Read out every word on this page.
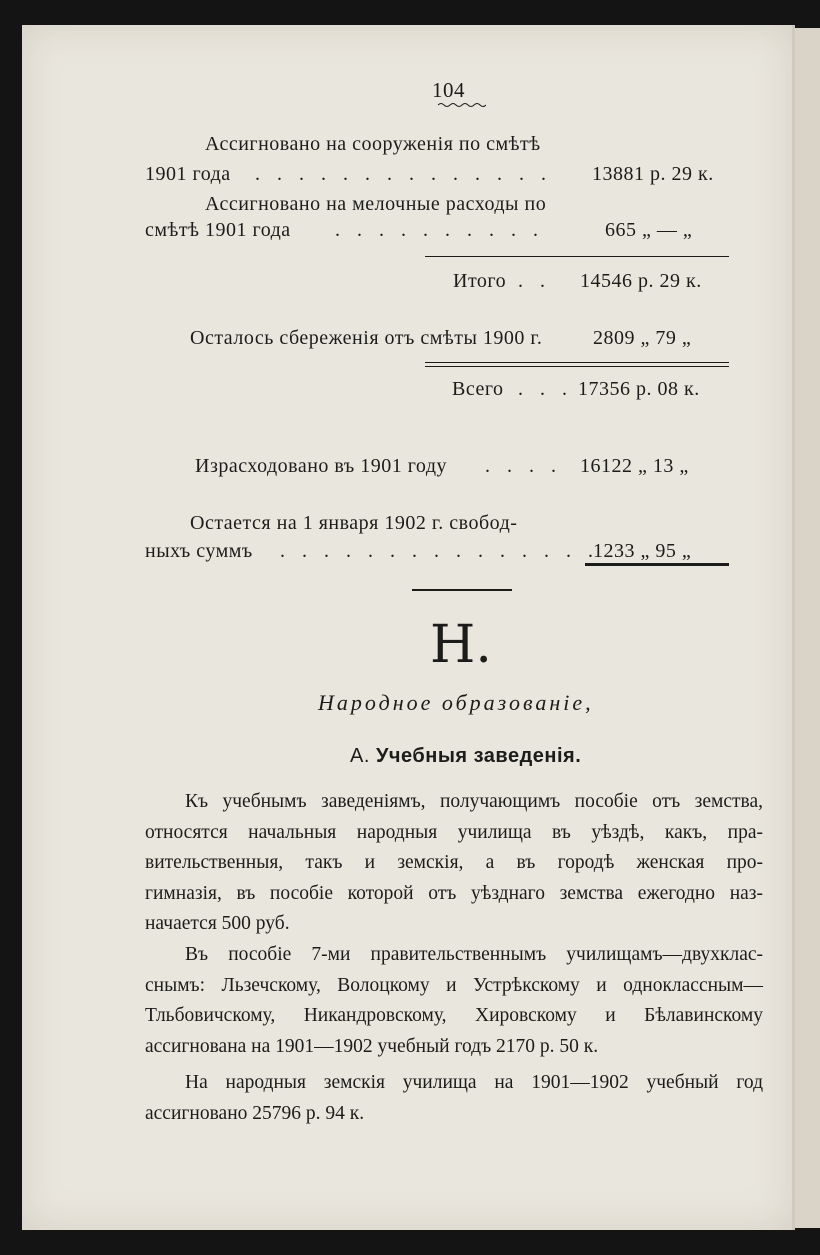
104
Ассигновано на сооруженія по смѣтѣ
1901 года . . . . . . . . . . . . . . 13881 р. 29 к.
Ассигновано на мелочные расходы по
смѣтѣ 1901 года . . . . . . . . . .	665 „ — „
Итого . . 14546 р. 29 к.
Осталось сбереженія отъ смѣты 1900 г.	2809 „ 79 „
Всего . . . 17356 р. 08 к.
Израсходовано въ 1901 году . . . . 16122 „ 13 „
Остается на 1 января 1902 г. свобод-
ныхъ суммъ . . . . . . . . . . . . . . .
1233 „ 95 „
Н.
Народное образованіе,
А. Учебныя заведенія.
Къ учебнымъ заведеніямъ, получающимъ пособіе отъ земства,
относятся начальныя народныя училища въ уѣздѣ, какъ, пра-
вительственныя, такъ и земскія, а въ городѣ женская про-
гимназія, въ пособіе которой отъ уѣзднаго земства ежегодно наз-
начается 500 руб.
Въ пособіе 7-ми правительственнымъ училищамъ—двухклас-
снымъ: Льзечскому, Волоцкому и Устрѣкскому и одноклассным—
Тльбовичскому, Никандровскому, Хировскому и Бѣлавинскому
ассигнована на 1901—1902 учебный годъ 2170 р. 50 к.
На народныя земскія училища на 1901—1902 учебный год
ассигновано 25796 р. 94 к.
